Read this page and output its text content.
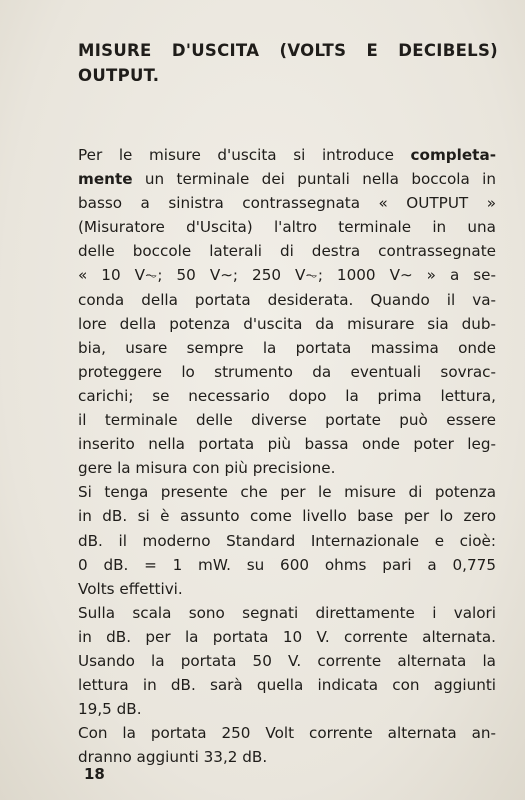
MISURE D'USCITA (VOLTS E DECIBELS)
OUTPUT.
Per le misure d'uscita si introduce completa-
mente un terminale dei puntali nella boccola in
basso a sinistra contrassegnata « OUTPUT »
(Misuratore d'Uscita) l'altro terminale in una
delle boccole laterali di destra contrassegnate
« 10 V⏦; 50 V∼; 250 V⏦; 1000 V∼ » a se-
conda della portata desiderata. Quando il va-
lore della potenza d'uscita da misurare sia dub-
bia, usare sempre la portata massima onde
proteggere lo strumento da eventuali sovrac-
carichi; se necessario dopo la prima lettura,
il terminale delle diverse portate può essere
inserito nella portata più bassa onde poter leg-
gere la misura con più precisione.
Si tenga presente che per le misure di potenza
in dB. si è assunto come livello base per lo zero
dB. il moderno Standard Internazionale e cioè:
0 dB. = 1 mW. su 600 ohms pari a 0,775
Volts effettivi.
Sulla scala sono segnati direttamente i valori
in dB. per la portata 10 V. corrente alternata.
Usando la portata 50 V. corrente alternata la
lettura in dB. sarà quella indicata con aggiunti
19,5 dB.
Con la portata 250 Volt corrente alternata an-
dranno aggiunti 33,2 dB.
18
